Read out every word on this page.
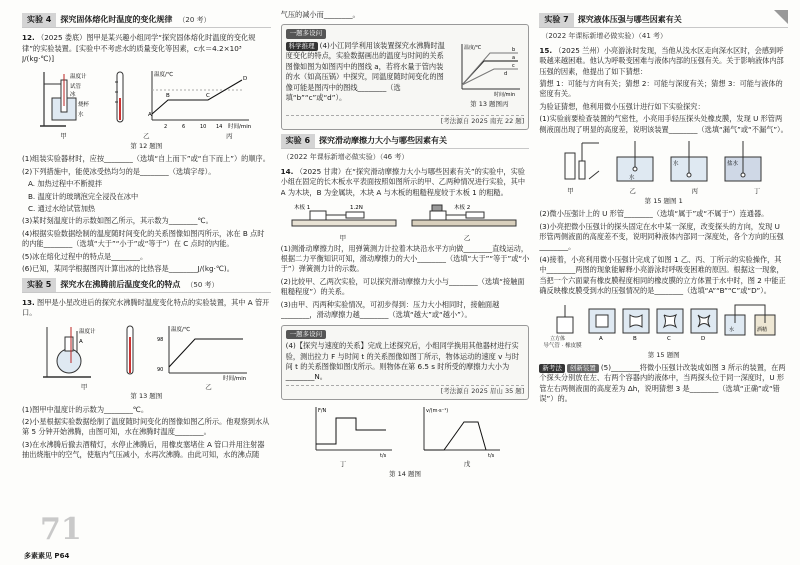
实验 4	探究固体熔化时温度的变化规律 （20 考）

12. （2025 娄底）图甲是某兴趣小组同学“探究固体熔化时温度的变化规律”的实验装置。[实验中不考虑水的质量变化等因素，c水＝4.2×10³ J/(kg·℃)]

温度计
试管
冰
烧杯
水
温度/℃
时间/min
2	6	10 14
A
B	C
D
甲	乙	丙
第 12 题图

(1)组装实验器材时，应按________（选填“自上而下”或“自下而上”）的顺序。

(2)下列措施中，能使冰受热均匀的是________（选填字母）。

A. 加热过程中不断搅拌

B. 温度计的玻璃泡完全浸没在冰中

C. 通过水给试管加热

(3)某时刻温度计的示数如图乙所示，其示数为________℃。

(4)根据实验数据绘制的温度随时间变化的关系图像如图丙所示，冰在 B 点时的内能________（选填“大于”“小于”或“等于”）在 C 点时的内能。

(5)冰在熔化过程中的特点是________。

(6)已知，某同学根据图丙计算出冰的比热容是________J/(kg·℃)。

实验 5	探究水在沸腾前后温度变化的特点 （50 考）

13. 图甲是小星改进后的探究水沸腾时温度变化特点的实验装置，其中 A 管开口。

温度计
A
温度/℃
时间/min
98
90
甲	乙
第 13 题图

(1)图甲中温度计的示数为________℃。

(2)小星根据实验数据绘制了温度随时间变化的图像如图乙所示。他观察到水从第 5 分钟开始沸腾，由图可知，水在沸腾时温度________。

(3)在水沸腾后撤去酒精灯，水停止沸腾后，用橡皮塞堵住 A 管口并用注射器抽出烧瓶中的空气，使瓶内气压减小，水再次沸腾。由此可知，水的沸点随

气压的减小而________。

一题多设问

科学推理 (4)小江同学利用该装置探究水沸腾时温度变化的特点，实验数据画出的温度与时间的关系图像如图为如图丙中的图线 a，若将水量于管内装的水（如高压锅）中探究，同温度随时间变化的图像可能是图丙中的图线________（选填“b”“c”或“d”）。

温度/℃
时间/min
a
b
c
d
第 13 题图丙
[考法源自 2025 南充 22 题]
实验 6	探究滑动摩擦力大小与哪些因素有关
（2022 年课标新增必做实验）（46 考）

14. （2025 甘肃）在“探究滑动摩擦力大小与哪些因素有关”的实验中，实验小组在固定的长木板水平表面按照如图所示的甲、乙两种情况进行实验，其中 A 为木块，B 为金属块，木块 A 与木板的粗糙程度较于木板 1 的粗糙。

木板 1	1.2N	木板 2
甲	乙

(1)测滑动摩擦力时，用弹簧测力计拉着木块沿水平方向做________直线运动，根据二力平衡知识可知，滑动摩擦力的大小________（选填“大于”“等于”或“小于”）弹簧测力计的示数。

(2)比较甲、乙两次实验，可以探究滑动摩擦力大小与________（选填“接触面粗糙程度”）的关系。

(3)由甲、丙两种实验情况，可初步得到：压力大小相同时，接触面越________，滑动摩擦力越________（选填“越大”或“越小”）。

一题多设问

(4)【探究与速度的关系】完成上述探究后，小组同学换用其他器材进行实验，测出拉力 F 与时间 t 的关系图像如图丁所示，物体运动的速度 v 与时间 t 的关系图像如图戊所示。则物体在第 6.5 s 时所受的摩擦力大小为________N。

[考法源自 2025 眉山 35 题]
F/N
t/s
v/(m·s⁻¹)
t/s
丁	戊
第 14 题图
实验 7	探究液体压强与哪些因素有关
（2022 年课标新增必做实验）（41 考）

15. （2025 兰州）小亮游泳时发现，当他从浅水区走向深水区时，会感到呼吸越来越困难。他认为呼吸变困难与液体内部的压强有关。关于影响液体内部压强的因素，他提出了如下猜想：

猜想 1：可能与方向有关；猜想 2：可能与深度有关；猜想 3：可能与液体的密度有关。

为验证猜想，他利用微小压强计进行如下实验探究：

(1)实验前要检查装置的气密性，小亮用手轻压探头处橡皮膜，发现 U 形管两侧液面出现了明显的高度差，说明该装置________（选填“漏气”或“不漏气”）。

水
水	盐水
甲	乙	丙	丁
第 15 题图 1

(2)微小压强计上的 U 形管________（选填“属于”或“不属于”）连通器。

(3)小亮把微小压强计的探头固定在水中某一深度，改变探头的方向，发现 U 形管两侧液面的高度差不变，说明同种液体内部同一深度处，各个方向的压强________。

(4)接着，小亮利用微小压强计完成了如图 1 乙、丙、丁所示的实验操作，其中________两图的现象能解释小亮游泳时呼吸变困难的原因。根据这一现象，当把一个六面蒙有橡皮膜程度相同的橡皮膜的立方体置于水中时，图 2 中能正确反映橡皮膜受到水的压强情况的是________（选填“A”“B”“C”或“D”）。

立方体	A	B	C	D
水	酒精
导气管 · 橡皮膜
第 15 题图

新考法 创新装置 (5)________将微小压强计改装成如图 3 所示的装置，在两个探头分别放在左、右两个容器内的液体中，当两探头位于同一深度时，U 形管左右两侧液面的高度差为 Δh，说明猜想 3 是________（选填“正确”或“错误”）的。

71
多素素见 P64
